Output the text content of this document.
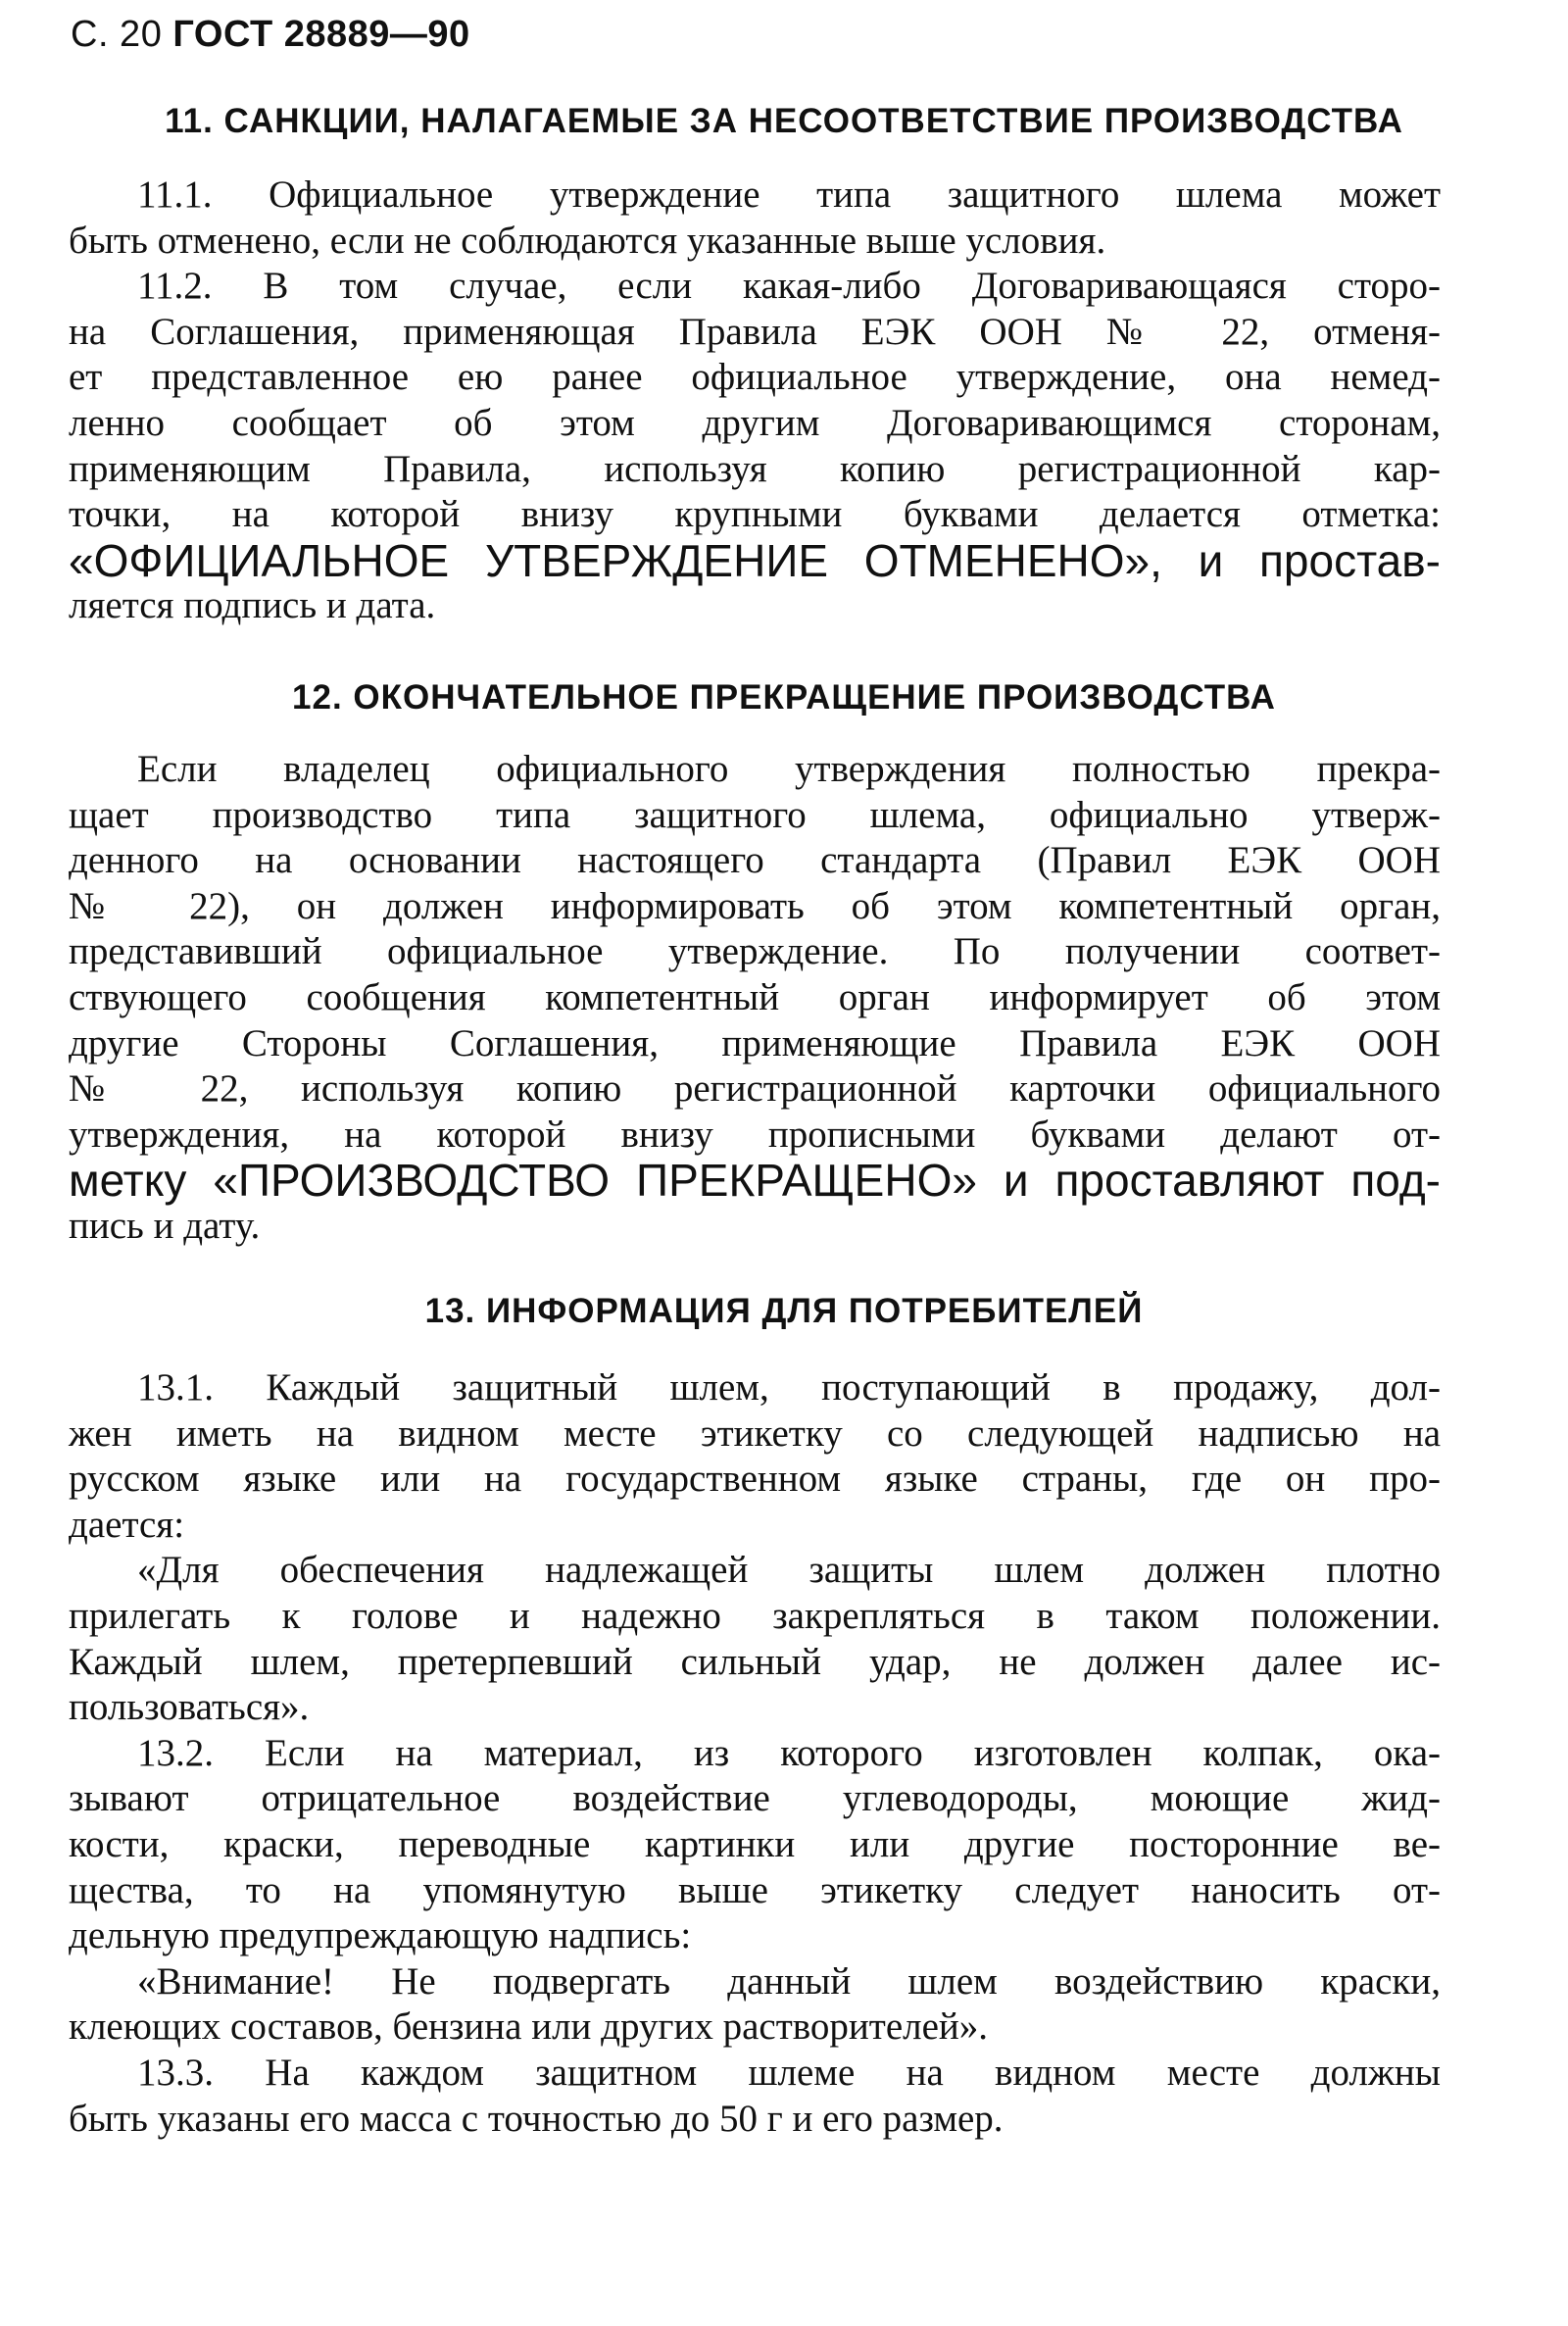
С. 20 ГОСТ 28889—90
11. САНКЦИИ, НАЛАГАЕМЫЕ ЗА НЕСООТВЕТСТВИЕ ПРОИЗВОДСТВА
11.1. Официальное утверждение типа защитного шлема может
быть отменено, если не соблюдаются указанные выше условия.
11.2. В том случае, если какая-либо Договаривающаяся сторо-
на Соглашения, применяющая Правила ЕЭК ООН № 22, отменя-
ет представленное ею ранее официальное утверждение, она немед-
ленно сообщает об этом другим Договаривающимся сторонам,
применяющим Правила, используя копию регистрационной кар-
точки, на которой внизу крупными буквами делается отметка:
«ОФИЦИАЛЬНОЕ УТВЕРЖДЕНИЕ ОТМЕНЕНО», и простав-
ляется подпись и дата.
12. ОКОНЧАТЕЛЬНОЕ ПРЕКРАЩЕНИЕ ПРОИЗВОДСТВА
Если владелец официального утверждения полностью прекра-
щает производство типа защитного шлема, официально утверж-
денного на основании настоящего стандарта (Правил ЕЭК ООН
№ 22), он должен информировать об этом компетентный орган,
представивший официальное утверждение. По получении соответ-
ствующего сообщения компетентный орган информирует об этом
другие Стороны Соглашения, применяющие Правила ЕЭК ООН
№ 22, используя копию регистрационной карточки официального
утверждения, на которой внизу прописными буквами делают от-
метку «ПРОИЗВОДСТВО ПРЕКРАЩЕНО» и проставляют под-
пись и дату.
13. ИНФОРМАЦИЯ ДЛЯ ПОТРЕБИТЕЛЕЙ
13.1. Каждый защитный шлем, поступающий в продажу, дол-
жен иметь на видном месте этикетку со следующей надписью на
русском языке или на государственном языке страны, где он про-
дается:
«Для обеспечения надлежащей защиты шлем должен плотно
прилегать к голове и надежно закрепляться в таком положении.
Каждый шлем, претерпевший сильный удар, не должен далее ис-
пользоваться».
13.2. Если на материал, из которого изготовлен колпак, ока-
зывают отрицательное воздействие углеводороды, моющие жид-
кости, краски, переводные картинки или другие посторонние ве-
щества, то на упомянутую выше этикетку следует наносить от-
дельную предупреждающую надпись:
«Внимание! Не подвергать данный шлем воздействию краски,
клеющих составов, бензина или других растворителей».
13.3. На каждом защитном шлеме на видном месте должны
быть указаны его масса с точностью до 50 г и его размер.
